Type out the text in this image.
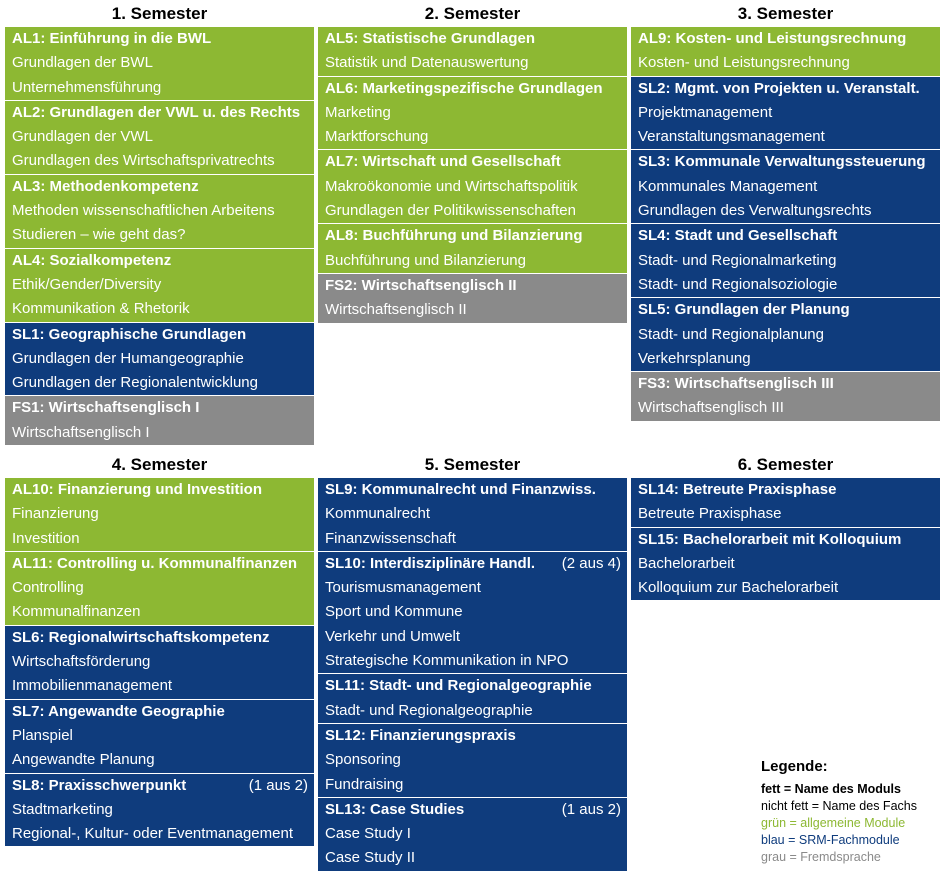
1. Semester
AL1: Einführung in die BWL
Grundlagen der BWL
Unternehmensführung
AL2: Grundlagen der VWL u. des Rechts
Grundlagen der VWL
Grundlagen des Wirtschaftsprivatrechts
AL3: Methodenkompetenz
Methoden wissenschaftlichen Arbeitens
Studieren – wie geht das?
AL4: Sozialkompetenz
Ethik/Gender/Diversity
Kommunikation & Rhetorik
SL1: Geographische Grundlagen
Grundlagen der Humangeographie
Grundlagen der Regionalentwicklung
FS1: Wirtschaftsenglisch I
Wirtschaftsenglisch I
2. Semester
AL5: Statistische Grundlagen
Statistik und Datenauswertung
AL6: Marketingspezifische Grundlagen
Marketing
Marktforschung
AL7: Wirtschaft und Gesellschaft
Makroökonomie und Wirtschaftspolitik
Grundlagen der Politikwissenschaften
AL8: Buchführung und Bilanzierung
Buchführung und Bilanzierung
FS2: Wirtschaftsenglisch II
Wirtschaftsenglisch II
3. Semester
AL9: Kosten- und Leistungsrechnung
Kosten- und Leistungsrechnung
SL2: Mgmt. von Projekten u. Veranstalt.
Projektmanagement
Veranstaltungsmanagement
SL3: Kommunale Verwaltungssteuerung
Kommunales Management
Grundlagen des Verwaltungsrechts
SL4: Stadt und Gesellschaft
Stadt- und Regionalmarketing
Stadt- und Regionalsoziologie
SL5: Grundlagen der Planung
Stadt- und Regionalplanung
Verkehrsplanung
FS3: Wirtschaftsenglisch III
Wirtschaftsenglisch III
4. Semester
AL10: Finanzierung und Investition
Finanzierung
Investition
AL11: Controlling u. Kommunalfinanzen
Controlling
Kommunalfinanzen
SL6: Regionalwirtschaftskompetenz
Wirtschaftsförderung
Immobilienmanagement
SL7: Angewandte Geographie
Planspiel
Angewandte Planung
SL8: Praxisschwerpunkt	(1 aus 2)
Stadtmarketing
Regional-, Kultur- oder Eventmanagement
5. Semester
SL9: Kommunalrecht und Finanzwiss.
Kommunalrecht
Finanzwissenschaft
SL10: Interdisziplinäre Handl. (2 aus 4)
Tourismusmanagement
Sport und Kommune
Verkehr und Umwelt
Strategische Kommunikation in NPO
SL11: Stadt- und Regionalgeographie
Stadt- und Regionalgeographie
SL12: Finanzierungspraxis
Sponsoring
Fundraising
SL13: Case Studies	(1 aus 2)
Case Study I
Case Study II
6. Semester
SL14: Betreute Praxisphase
Betreute Praxisphase
SL15: Bachelorarbeit mit Kolloquium
Bachelorarbeit
Kolloquium zur Bachelorarbeit
Legende:
fett = Name des Moduls
nicht fett = Name des Fachs
grün = allgemeine Module
blau = SRM-Fachmodule
grau = Fremdsprache
